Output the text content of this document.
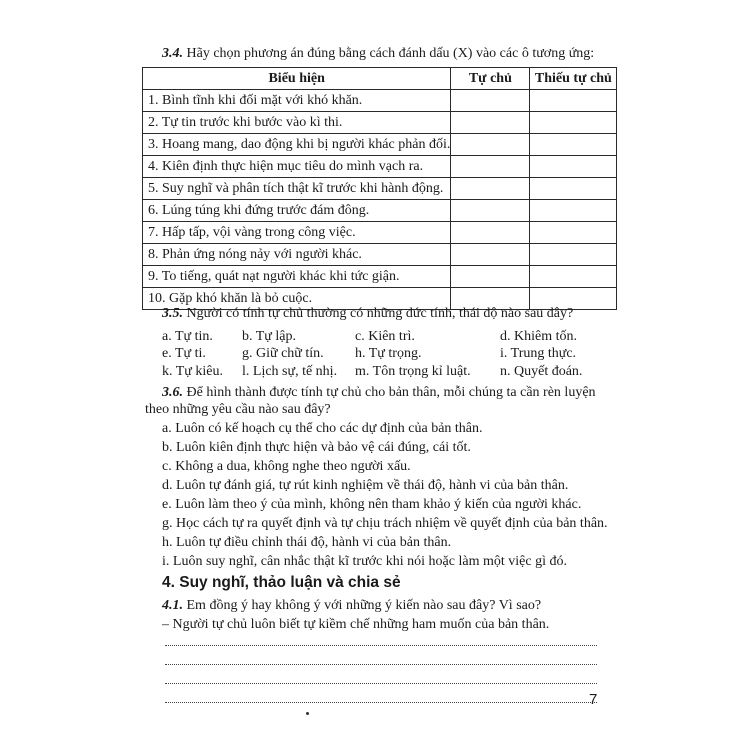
3.4. Hãy chọn phương án đúng bằng cách đánh dấu (X) vào các ô tương ứng:
Biểu hiện	Tự chủ	Thiếu tự chủ
1. Bình tĩnh khi đối mặt với khó khăn.		
2. Tự tin trước khi bước vào kì thi.		
3. Hoang mang, dao động khi bị người khác phản đối.		
4. Kiên định thực hiện mục tiêu do mình vạch ra.		
5. Suy nghĩ và phân tích thật kĩ trước khi hành động.		
6. Lúng túng khi đứng trước đám đông.		
7. Hấp tấp, vội vàng trong công việc.		
8. Phản ứng nóng nảy với người khác.		
9. To tiếng, quát nạt người khác khi tức giận.		
10. Gặp khó khăn là bỏ cuộc.		
3.5. Người có tính tự chủ thường có những đức tính, thái độ nào sau đây?
a. Tự tin. b. Tự lập.	c. Kiên trì.	d. Khiêm tốn.
e. Tự ti.	g. Giữ chữ tín. h. Tự trọng.	i. Trung thực.
k. Tự kiêu. l. Lịch sự, tế nhị. m. Tôn trọng kỉ luật. n. Quyết đoán.
3.6. Để hình thành được tính tự chủ cho bản thân, mỗi chúng ta cần rèn luyện
theo những yêu cầu nào sau đây?
a. Luôn có kế hoạch cụ thể cho các dự định của bản thân.
b. Luôn kiên định thực hiện và bảo vệ cái đúng, cái tốt.
c. Không a dua, không nghe theo người xấu.
d. Luôn tự đánh giá, tự rút kinh nghiệm về thái độ, hành vi của bản thân.
e. Luôn làm theo ý của mình, không nên tham khảo ý kiến của người khác.
g. Học cách tự ra quyết định và tự chịu trách nhiệm về quyết định của bản thân.
h. Luôn tự điều chỉnh thái độ, hành vi của bản thân.
i. Luôn suy nghĩ, cân nhắc thật kĩ trước khi nói hoặc làm một việc gì đó.
4. Suy nghĩ, thảo luận và chia sẻ
4.1. Em đồng ý hay không ý với những ý kiến nào sau đây? Vì sao?
– Người tự chủ luôn biết tự kiềm chế những ham muốn của bản thân.
7
